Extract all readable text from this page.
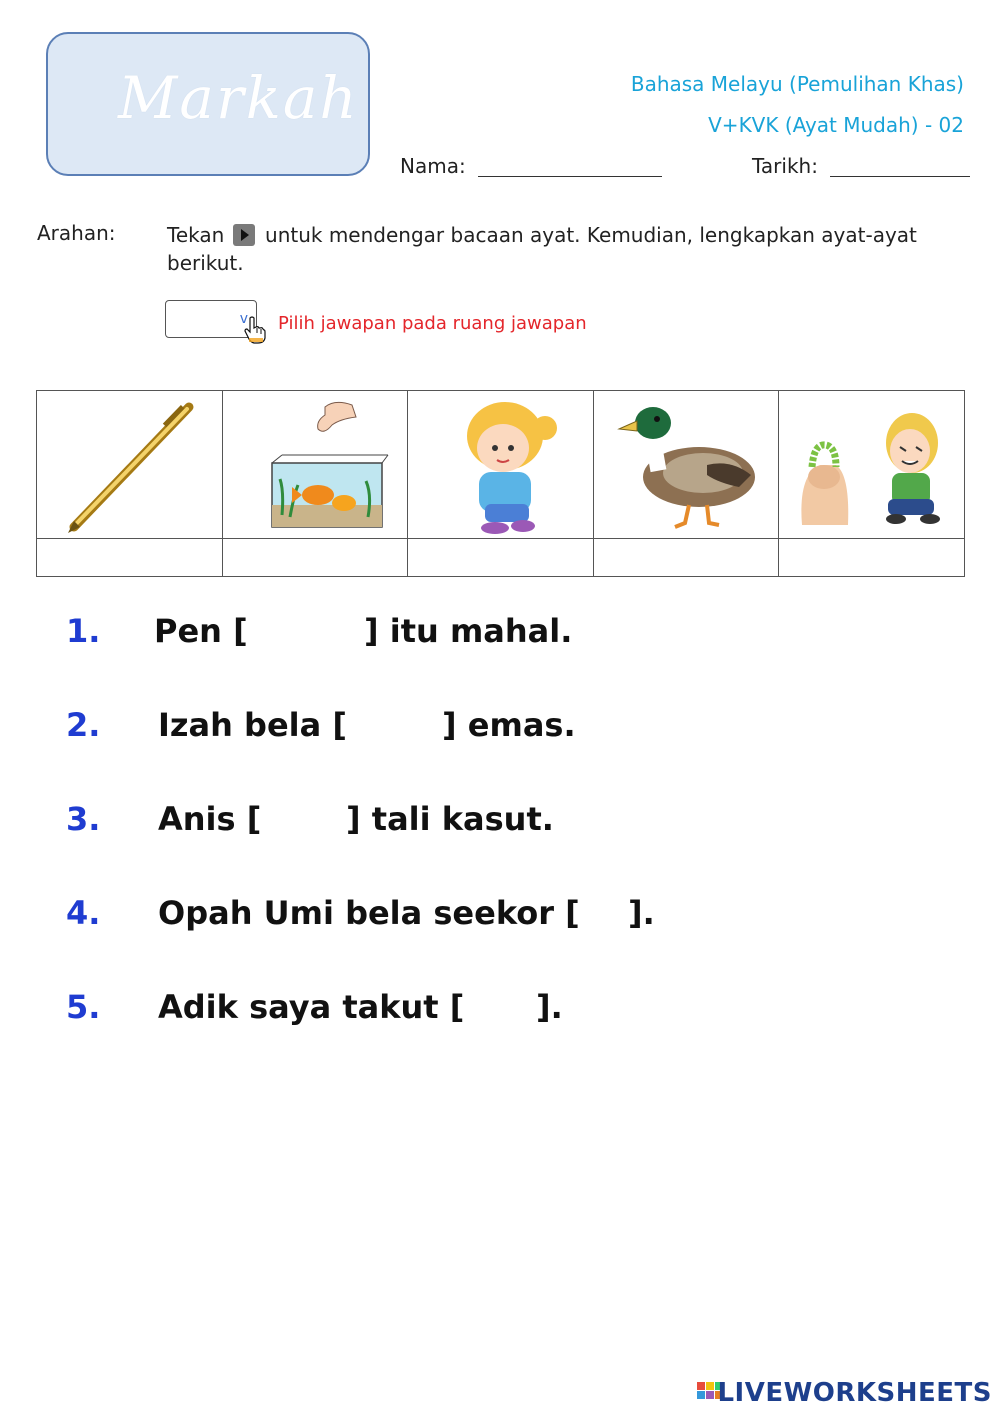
Markah	Bahasa Melayu (Pemulihan Khas)
V+KVK (Ayat Mudah) - 02
Nama:	Tarikh:
Arahan:	Tekan untuk mendengar bacaan ayat. Kemudian, lengkapkan ayat-ayat berikut.
v Pilih jawapan pada ruang jawapan

1. Pen [	] itu mahal.
2. Izah bela [	] emas.
3. Anis [	] tali kasut.
4. Opah Umi bela seekor [ ].
5. Adik saya takut [ ].
LIVEWORKSHEETS
